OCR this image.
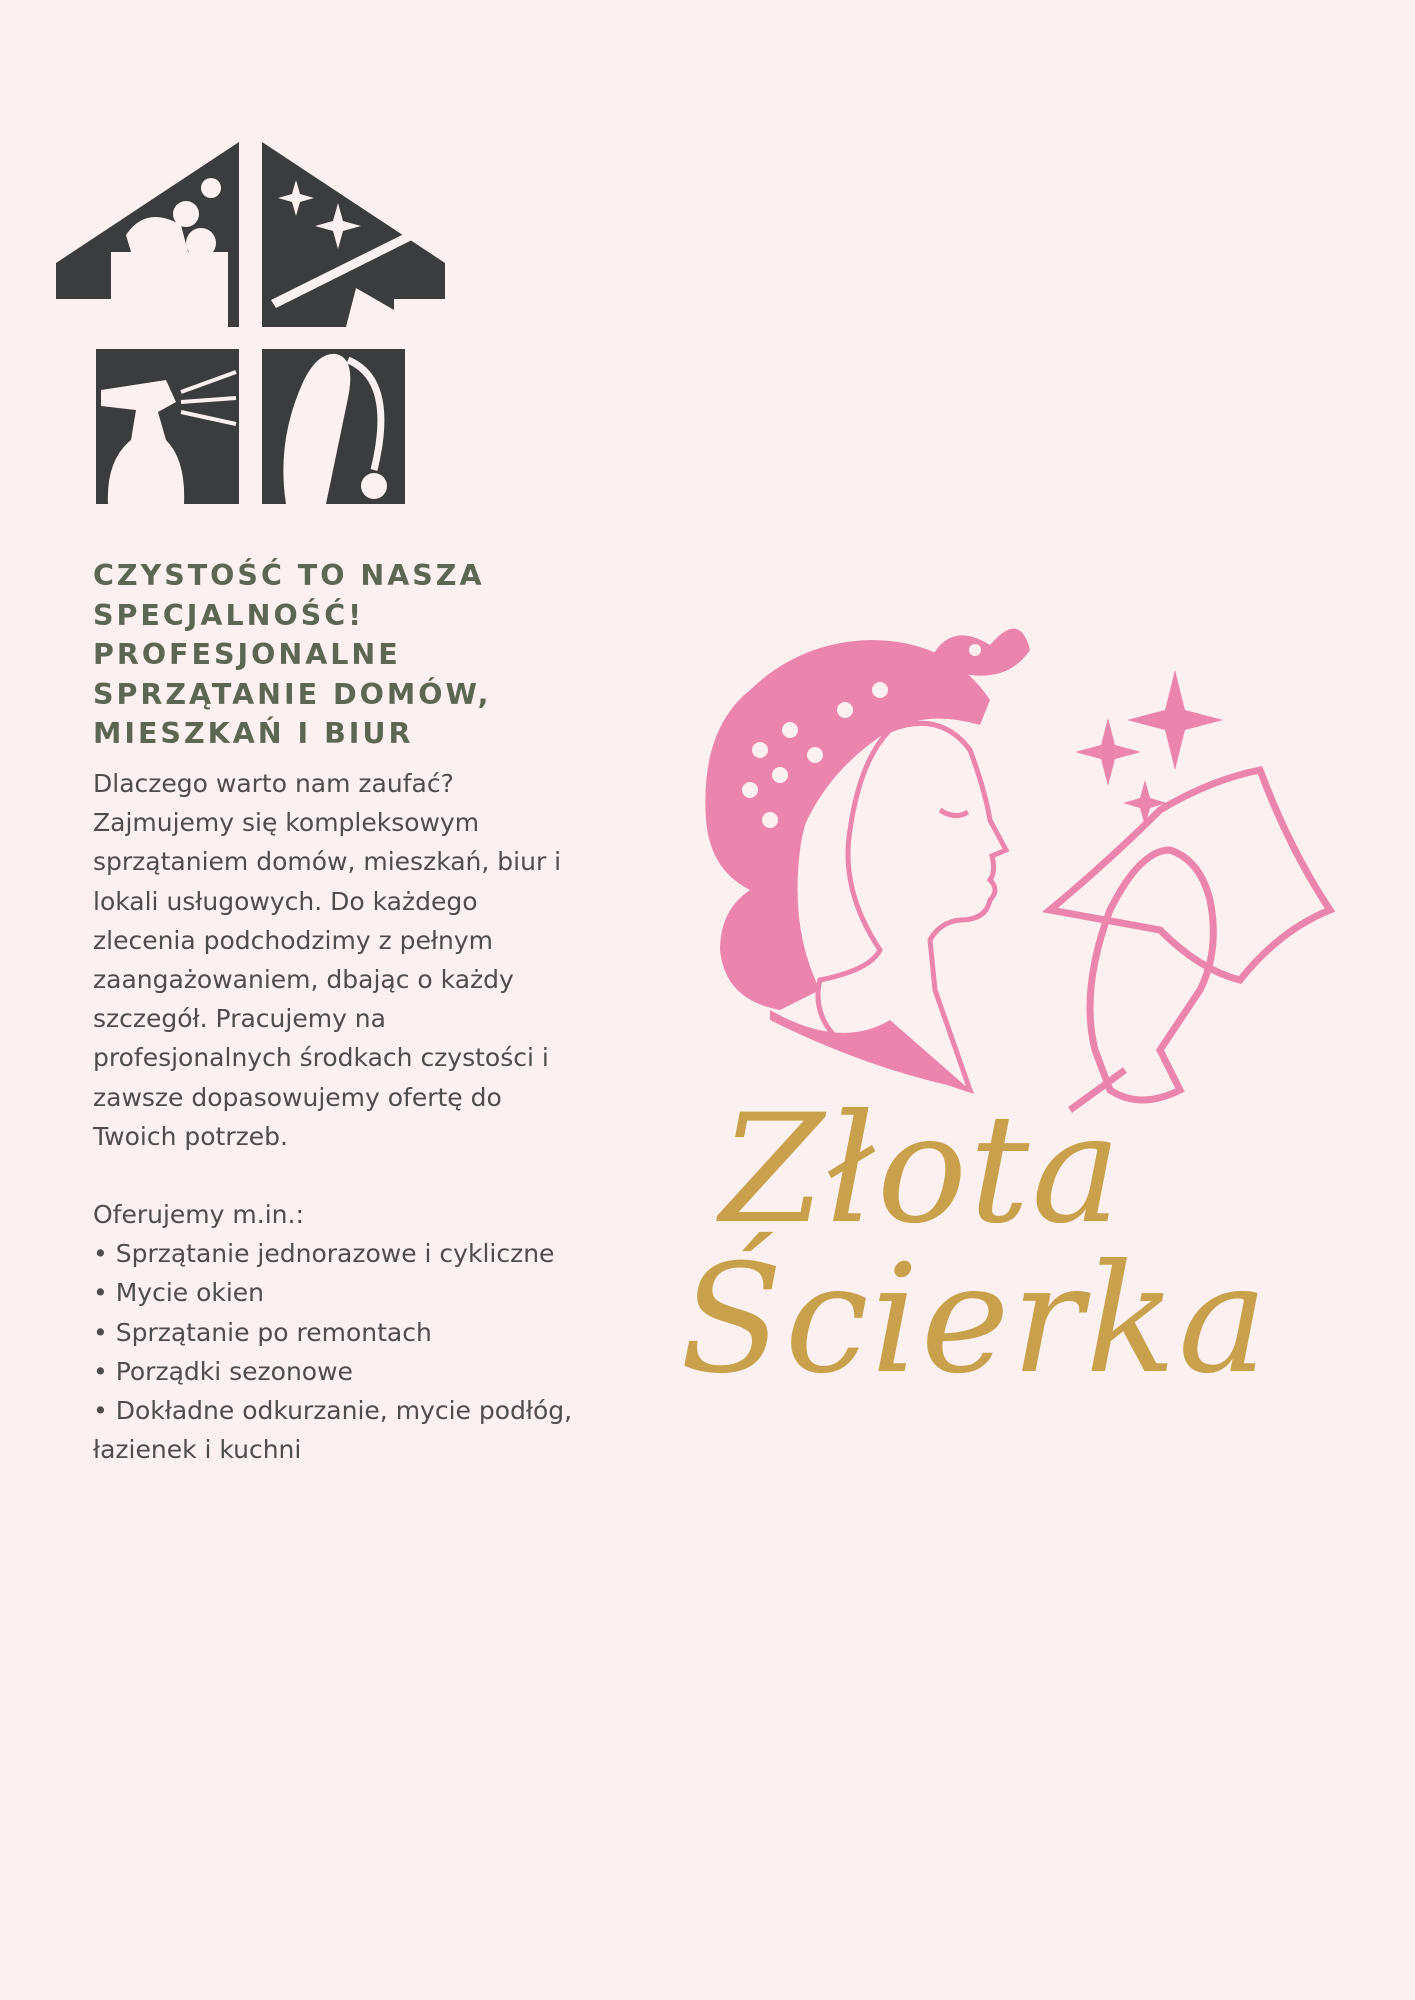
CZYSTOŚĆ TO NASZA SPECJALNOŚĆ! PROFESJONALNE SPRZĄTANIE DOMÓW, MIESZKAŃ I BIUR

Dlaczego warto nam zaufać? Zajmujemy się kompleksowym sprzątaniem domów, mieszkań, biur i lokali usługowych. Do każdego zlecenia podchodzimy z pełnym zaangażowaniem, dbając o każdy szczegół. Pracujemy na profesjonalnych środkach czystości i zawsze dopasowujemy ofertę do Twoich potrzeb.

Oferujemy m.in.:

• Sprzątanie jednorazowe i cykliczne
• Mycie okien
• Sprzątanie po remontach
• Porządki sezonowe
• Dokładne odkurzanie, mycie podłóg, łazienek i kuchni

Złota

Ścierka
